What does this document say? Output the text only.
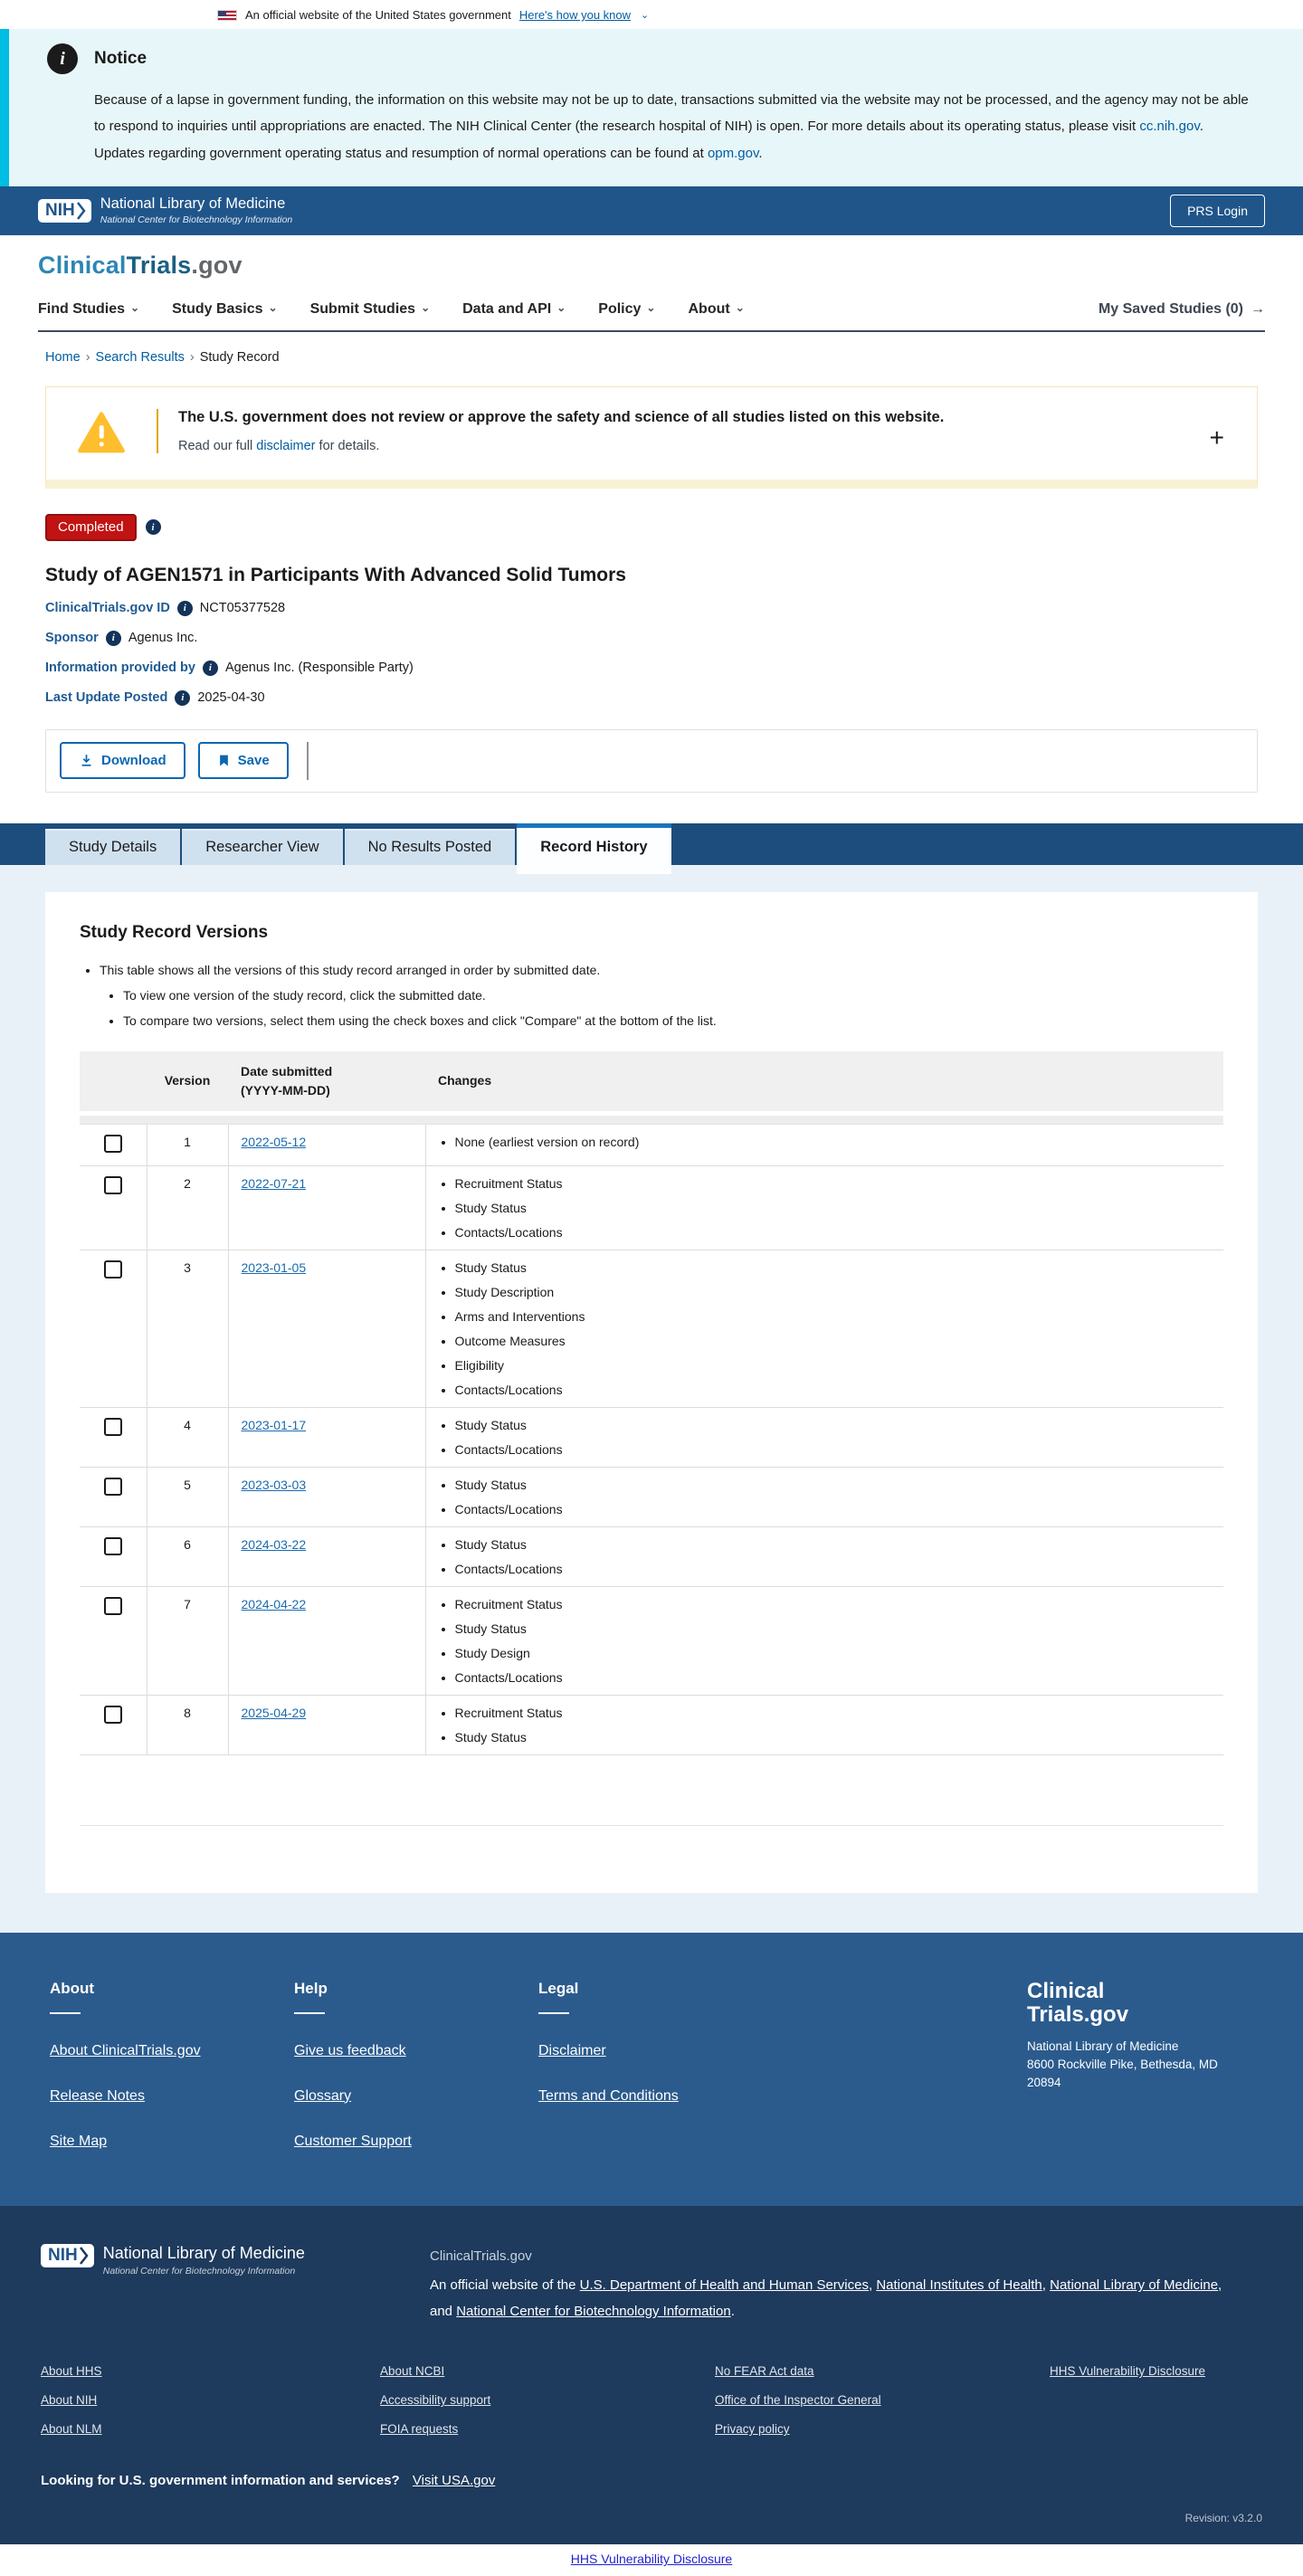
An official website of the United States government Here's how you know ⌄
i	Notice
Because of a lapse in government funding, the information on this website may not be up to date, transactions submitted via the website may not be processed, and the agency may not be able to respond to inquiries until appropriations are enacted. The NIH Clinical Center (the research hospital of NIH) is open. For more details about its operating status, please visit cc.nih.gov. Updates regarding government operating status and resumption of normal operations can be found at opm.gov.
NIH National Library of Medicine
National Center for Biotechnology Information
PRS Login
ClinicalTrials.gov
Find Studies ⌄ Study Basics ⌄ Submit Studies ⌄ Data and API ⌄ Policy ⌄ About ⌄	My Saved Studies (0) →
Home › Search Results › Study Record
The U.S. government does not review or approve the safety and science of all studies listed on this website.
Read our full disclaimer for details.	+
Completed	i
Study of AGEN1571 in Participants With Advanced Solid Tumors
ClinicalTrials.gov ID	i	NCT05377528
Sponsor	i	Agenus Inc.
Information provided by	i	Agenus Inc. (Responsible Party)
Last Update Posted	i	2025-04-30
Download	Save
Study Details	Researcher View	No Results Posted	Record History
Study Record Versions
• This table shows all the versions of this study record arranged in order by submitted date.
• To view one version of the study record, click the submitted date.
• To compare two versions, select them using the check boxes and click "Compare" at the bottom of the list.
	Version	Date submitted
(YYYY-MM-DD)	Changes

	1	2022-05-12	
•None (earliest version on record)

	2	2022-07-21	
•Recruitment Status
• Study Status
• Contacts/Locations

	3	2023-01-05	
•Study Status
• Study Description
• Arms and Interventions
• Outcome Measures
• Eligibility
• Contacts/Locations

	4	2023-01-17	
•Study Status
• Contacts/Locations

	5	2023-03-03	
•Study Status
• Contacts/Locations

	6	2024-03-22	
•Study Status
• Contacts/Locations

	7	2024-04-22	
•Recruitment Status
• Study Status
• Study Design
• Contacts/Locations

	8	2025-04-29	
•Recruitment Status
• Study Status

About
About ClinicalTrials.gov
Release Notes
Site Map
Help
Give us feedback
Glossary
Customer Support
Legal
Disclaimer
Terms and Conditions
Clinical
Trials.gov
National Library of Medicine
8600 Rockville Pike, Bethesda, MD
20894
NIH National Library of Medicine
National Center for Biotechnology Information
ClinicalTrials.gov
An official website of the U.S. Department of Health and Human Services, National Institutes of Health, National Library of Medicine, and National Center for Biotechnology Information.
About HHS
About NIH
About NLM
About NCBI
Accessibility support
FOIA requests
No FEAR Act data
Office of the Inspector General
Privacy policy
HHS Vulnerability Disclosure
Looking for U.S. government information and services? Visit USA.gov
Revision: v3.2.0
HHS Vulnerability Disclosure
